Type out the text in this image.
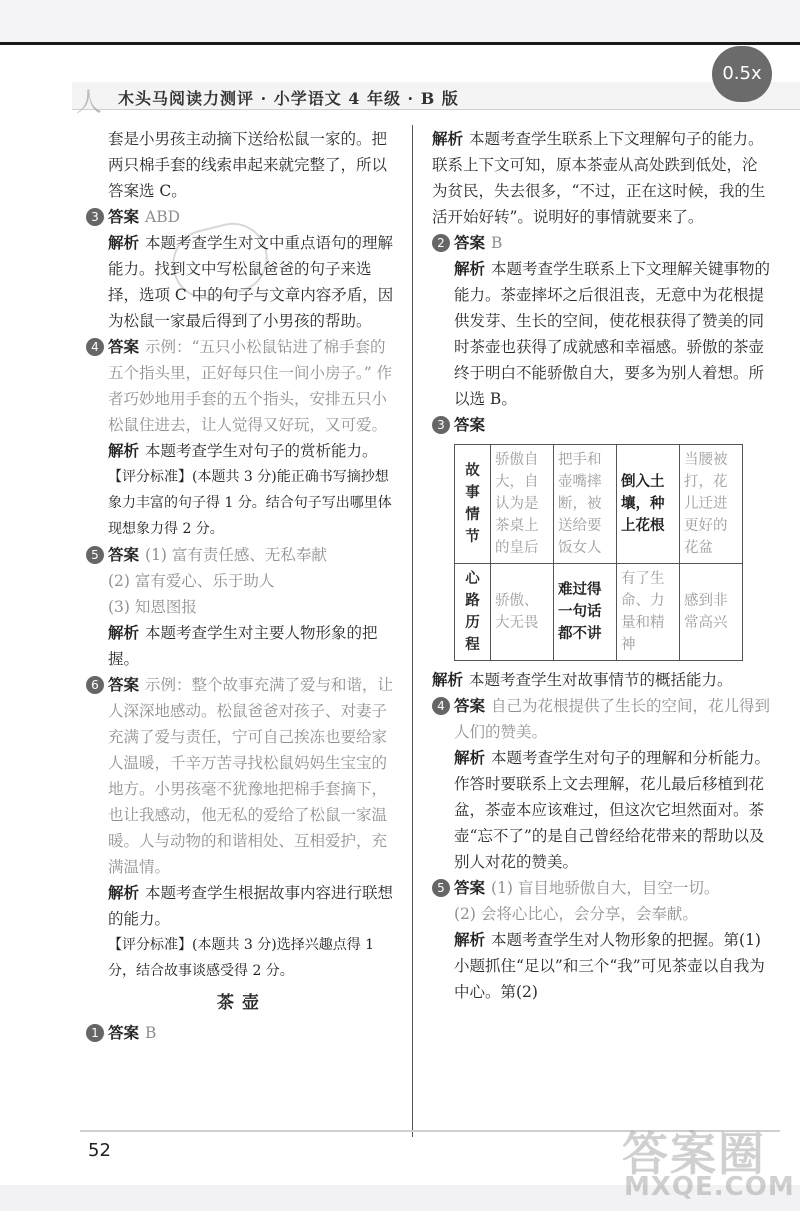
人 木头马阅读力测评 · 小学语文 4 年级 · B 版
0.5x

套是小男孩主动摘下送给松鼠一家的。把两只棉手套的线索串起来就完整了，所以答案选 C。

3 答案 ABD

解析 本题考查学生对文中重点语句的理解能力。找到文中写松鼠爸爸的句子来选择，选项 C 中的句子与文章内容矛盾，因为松鼠一家最后得到了小男孩的帮助。

4 答案 示例：“五只小松鼠钻进了棉手套的五个指头里，正好每只住一间小房子。” 作者巧妙地用手套的五个指头，安排五只小松鼠住进去，让人觉得又好玩，又可爱。

解析 本题考查学生对句子的赏析能力。

【评分标准】(本题共 3 分)能正确书写摘抄想象力丰富的句子得 1 分。结合句子写出哪里体现想象力得 2 分。

5 答案 (1) 富有责任感、无私奉献

(2) 富有爱心、乐于助人

(3) 知恩图报

解析 本题考查学生对主要人物形象的把握。

6 答案 示例：整个故事充满了爱与和谐，让人深深地感动。松鼠爸爸对孩子、对妻子充满了爱与责任，宁可自己挨冻也要给家人温暖，千辛万苦寻找松鼠妈妈生宝宝的地方。小男孩毫不犹豫地把棉手套摘下，也让我感动，他无私的爱给了松鼠一家温暖。人与动物的和谐相处、互相爱护，充满温情。

解析 本题考查学生根据故事内容进行联想的能力。

【评分标准】(本题共 3 分)选择兴趣点得 1 分，结合故事谈感受得 2 分。

茶壶

1 答案 B

解析 本题考查学生联系上下文理解句子的能力。联系上下文可知，原本茶壶从高处跌到低处，沦为贫民，失去很多，“不过，正在这时候，我的生活开始好转”。说明好的事情就要来了。

2 答案 B

解析 本题考查学生联系上下文理解关键事物的能力。茶壶摔坏之后很沮丧，无意中为花根提供发芽、生长的空间，使花根获得了赞美的同时茶壶也获得了成就感和幸福感。骄傲的茶壶终于明白不能骄傲自大，要多为别人着想。所以选 B。

3 答案

故事情节	骄傲自大，自认为是茶桌上的皇后	把手和壶嘴摔断，被送给要饭女人	倒入土壤，种上花根	当腰被打，花儿迁进更好的花盆
心路历程	骄傲、大无畏	难过得一句话都不讲	有了生命、力量和精神	感到非常高兴

解析 本题考查学生对故事情节的概括能力。

4 答案 自己为花根提供了生长的空间，花儿得到人们的赞美。

解析 本题考查学生对句子的理解和分析能力。作答时要联系上文去理解，花儿最后移植到花盆，茶壶本应该难过，但这次它坦然面对。茶壶“忘不了”的是自己曾经给花带来的帮助以及别人对花的赞美。

5 答案 (1) 盲目地骄傲自大，目空一切。

(2) 会将心比心，会分享，会奉献。

解析 本题考查学生对人物形象的把握。第(1)小题抓住“足以”和三个“我”可见茶壶以自我为中心。第(2)

52	答案圈
MXQE.COM
